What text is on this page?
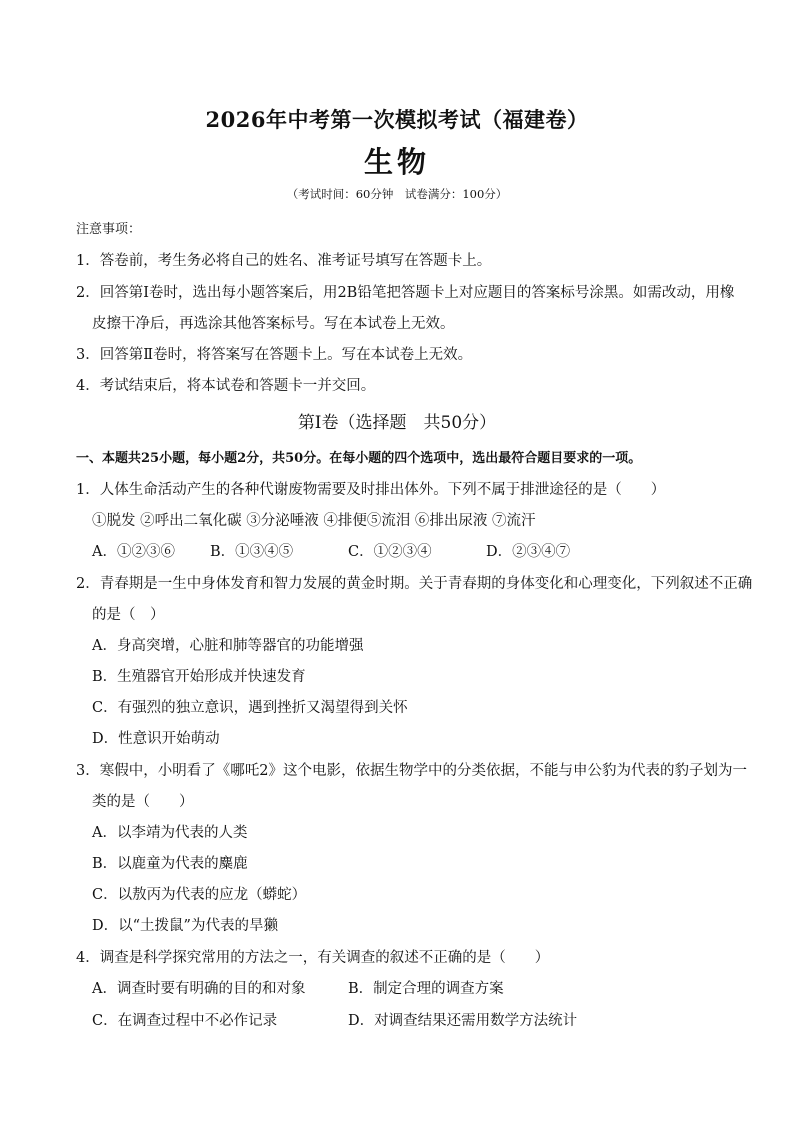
2026年中考第一次模拟考试（福建卷）
生物
（考试时间：60分钟　试卷满分：100分）
注意事项：
1．答卷前，考生务必将自己的姓名、准考证号填写在答题卡上。
2．回答第Ⅰ卷时，选出每小题答案后，用2B铅笔把答题卡上对应题目的答案标号涂黑。如需改动，用橡
皮擦干净后，再选涂其他答案标号。写在本试卷上无效。
3．回答第Ⅱ卷时，将答案写在答题卡上。写在本试卷上无效。
4．考试结束后，将本试卷和答题卡一并交回。
第Ⅰ卷（选择题　共50分）
一、本题共25小题，每小题2分，共50分。在每小题的四个选项中，选出最符合题目要求的一项。
1．人体生命活动产生的各种代谢废物需要及时排出体外。下列不属于排泄途径的是（　　）
①脱发 ②呼出二氧化碳 ③分泌唾液 ④排便⑤流泪 ⑥排出尿液 ⑦流汗
A．①②③⑥ B．①③④⑤	C．①②③④	D．②③④⑦
2．青春期是一生中身体发育和智力发展的黄金时期。关于青春期的身体变化和心理变化，下列叙述不正确
的是（　）
A．身高突增，心脏和肺等器官的功能增强
B．生殖器官开始形成并快速发育
C．有强烈的独立意识，遇到挫折又渴望得到关怀
D．性意识开始萌动
3．寒假中，小明看了《哪吒2》这个电影，依据生物学中的分类依据，不能与申公豹为代表的豹子划为一
类的是（　　）
A．以李靖为代表的人类
B．以鹿童为代表的麋鹿
C．以敖丙为代表的应龙（蟒蛇）
D．以“土拨鼠”为代表的旱獭
4．调查是科学探究常用的方法之一，有关调查的叙述不正确的是（　　）
A．调查时要有明确的目的和对象	B．制定合理的调查方案
C．在调查过程中不必作记录	D．对调查结果还需用数学方法统计
